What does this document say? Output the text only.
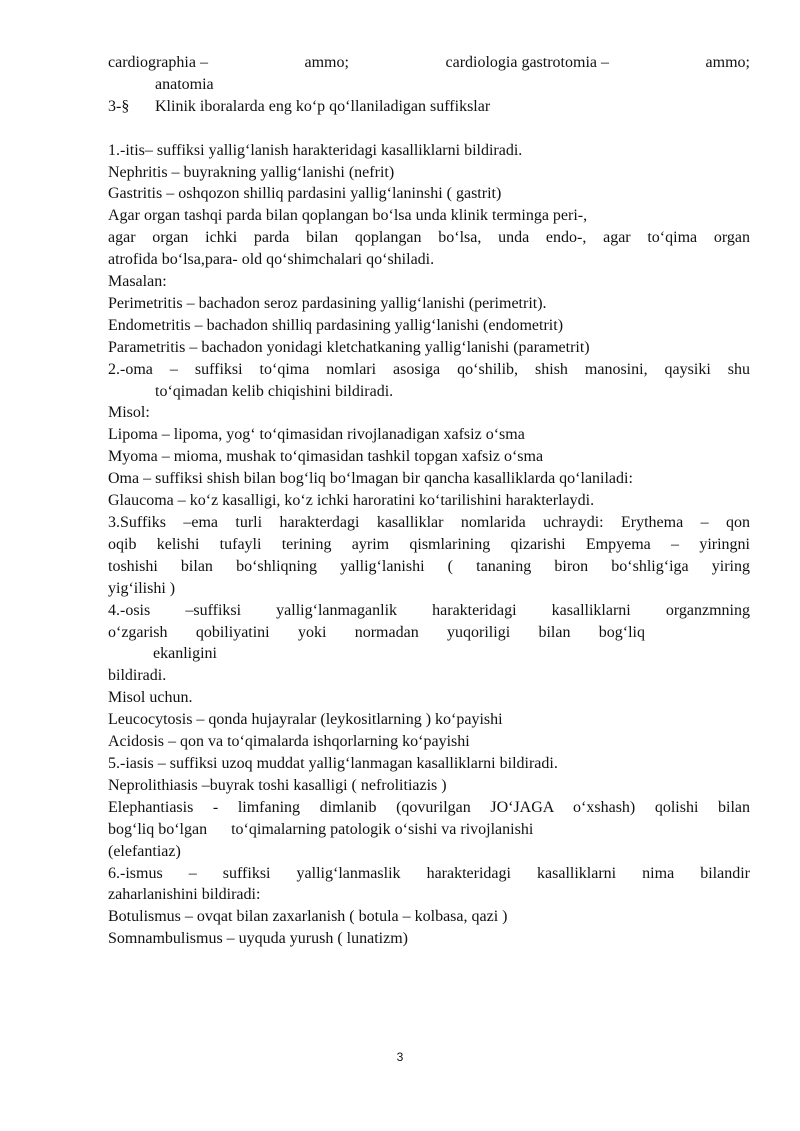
cardiographia –	ammo;	cardiologia gastrotomia –	ammo;
anatomia
3-§	Klinik iboralarda eng ko‘p qo‘llaniladigan suffikslar
1.-itis– suffiksi yallig‘lanish harakteridagi kasalliklarni bildiradi.
Nephritis – buyrakning yallig‘lanishi (nefrit)
Gastritis – oshqozon shilliq pardasini yallig‘laninshi ( gastrit)
Agar organ tashqi parda bilan qoplangan bo‘lsa unda klinik terminga peri-,
agar organ ichki parda bilan qoplangan bo‘lsa, unda endo-, agar to‘qima organ
atrofida bo‘lsa,para- old qo‘shimchalari qo‘shiladi.
Masalan:
Perimetritis – bachadon seroz pardasining yallig‘lanishi (perimetrit).
Endometritis – bachadon shilliq pardasining yallig‘lanishi (endometrit)
Parametritis – bachadon yonidagi kletchatkaning yallig‘lanishi (parametrit)
2.-oma – suffiksi to‘qima nomlari asosiga qo‘shilib, shish manosini, qaysiki shu
to‘qimadan kelib chiqishini bildiradi.
Misol:
Lipoma – lipoma, yog‘ to‘qimasidan rivojlanadigan xafsiz o‘sma
Myoma – mioma, mushak to‘qimasidan tashkil topgan xafsiz o‘sma
Oma – suffiksi shish bilan bog‘liq bo‘lmagan bir qancha kasalliklarda qo‘laniladi:
Glaucoma – ko‘z kasalligi, ko‘z ichki haroratini ko‘tarilishini harakterlaydi.
3.Suffiks –ema turli harakterdagi kasalliklar nomlarida uchraydi: Erythema – qon
oqib kelishi tufayli terining ayrim qismlarining qizarishi Empyema – yiringni
toshishi bilan bo‘shliqning yallig‘lanishi ( tananing biron bo‘shlig‘iga yiring
yig‘ilishi )
4.-osis –suffiksi yallig‘lanmaganlik harakteridagi kasalliklarni organzmning
o‘zgarish qobiliyatini yoki normadan yuqoriligi bilan bog‘liq
ekanligini
bildiradi.
Misol uchun.
Leucocytosis – qonda hujayralar (leykositlarning ) ko‘payishi
Acidosis – qon va to‘qimalarda ishqorlarning ko‘payishi
5.-iasis – suffiksi uzoq muddat yallig‘lanmagan kasalliklarni bildiradi.
Neprolithiasis –buyrak toshi kasalligi ( nefrolitiazis )
Elephantiasis - limfaning dimlanib (qovurilgan JO‘JAGA o‘xshash) qolishi bilan
bog‘liq bo‘lgan to‘qimalarning patologik o‘sishi va rivojlanishi
(elefantiaz)
6.-ismus – suffiksi yallig‘lanmaslik harakteridagi kasalliklarni nima bilandir
zaharlanishini bildiradi:
Botulismus – ovqat bilan zaxarlanish ( botula – kolbasa, qazi )
Somnambulismus – uyquda yurush ( lunatizm)
3
